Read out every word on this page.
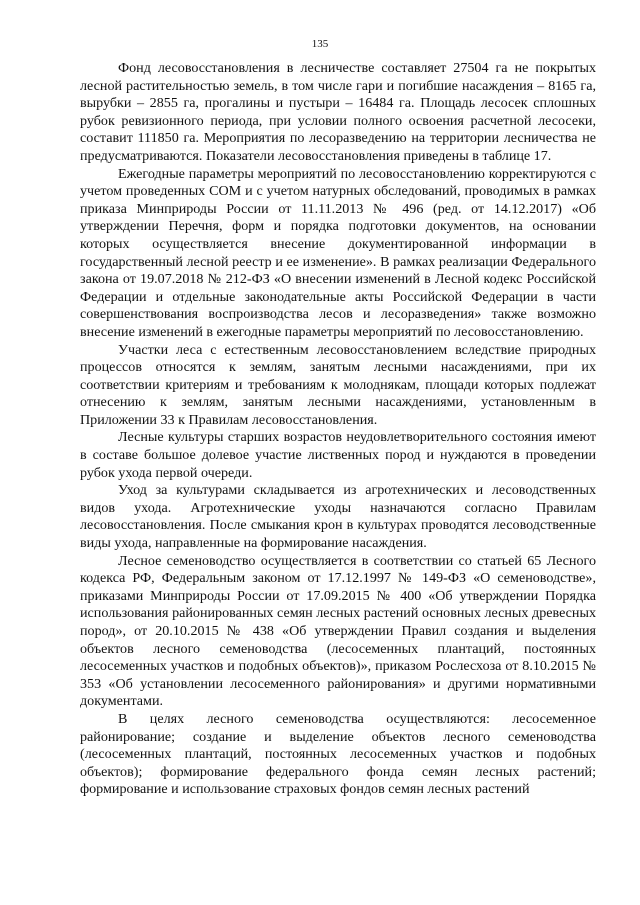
135

Фонд лесовосстановления в лесничестве составляет 27504 га не покрытых лесной растительностью земель, в том числе гари и погибшие насаждения – 8165 га, вырубки – 2855 га, прогалины и пустыри – 16484 га. Площадь лесосек сплошных рубок ревизионного периода, при условии полного освоения расчетной лесосеки, составит 111850 га. Мероприятия по лесоразведению на территории лесничества не предусматриваются. Показатели лесовосстановления приведены в таблице 17.

Ежегодные параметры мероприятий по лесовосстановлению корректируются с учетом проведенных СОМ и с учетом натурных обследований, проводимых в рамках приказа Минприроды России от 11.11.2013 № 496 (ред. от 14.12.2017) «Об утверждении Перечня, форм и порядка подготовки документов, на основании которых осуществляется внесение документированной информации в государственный лесной реестр и ее изменение». В рамках реализации Федерального закона от 19.07.2018 № 212-ФЗ «О внесении изменений в Лесной кодекс Российской Федерации и отдельные законодательные акты Российской Федерации в части совершенствования воспроизводства лесов и лесоразведения» также возможно внесение изменений в ежегодные параметры мероприятий по лесовосстановлению.

Участки леса с естественным лесовосстановлением вследствие природных процессов относятся к землям, занятым лесными насаждениями, при их соответствии критериям и требованиям к молоднякам, площади которых подлежат отнесению к землям, занятым лесными насаждениями, установленным в Приложении 33 к Правилам лесовосстановления.

Лесные культуры старших возрастов неудовлетворительного состояния имеют в составе большое долевое участие лиственных пород и нуждаются в проведении рубок ухода первой очереди.

Уход за культурами складывается из агротехнических и лесоводственных видов ухода. Агротехнические уходы назначаются согласно Правилам лесовосстановления. После смыкания крон в культурах проводятся лесоводственные виды ухода, направленные на формирование насаждения.

Лесное семеноводство осуществляется в соответствии со статьей 65 Лесного кодекса РФ, Федеральным законом от 17.12.1997 № 149-ФЗ «О семеноводстве», приказами Минприроды России от 17.09.2015 № 400 «Об утверждении Порядка использования районированных семян лесных растений основных лесных древесных пород», от 20.10.2015 № 438 «Об утверждении Правил создания и выделения объектов лесного семеноводства (лесосеменных плантаций, постоянных лесосеменных участков и подобных объектов)», приказом Рослесхоза от 8.10.2015 № 353 «Об установлении лесосеменного районирования» и другими нормативными документами.

В целях лесного семеноводства осуществляются: лесосеменное районирование; создание и выделение объектов лесного семеноводства (лесосеменных плантаций, постоянных лесосеменных участков и подобных объектов); формирование федерального фонда семян лесных растений; формирование и использование страховых фондов семян лесных растений
